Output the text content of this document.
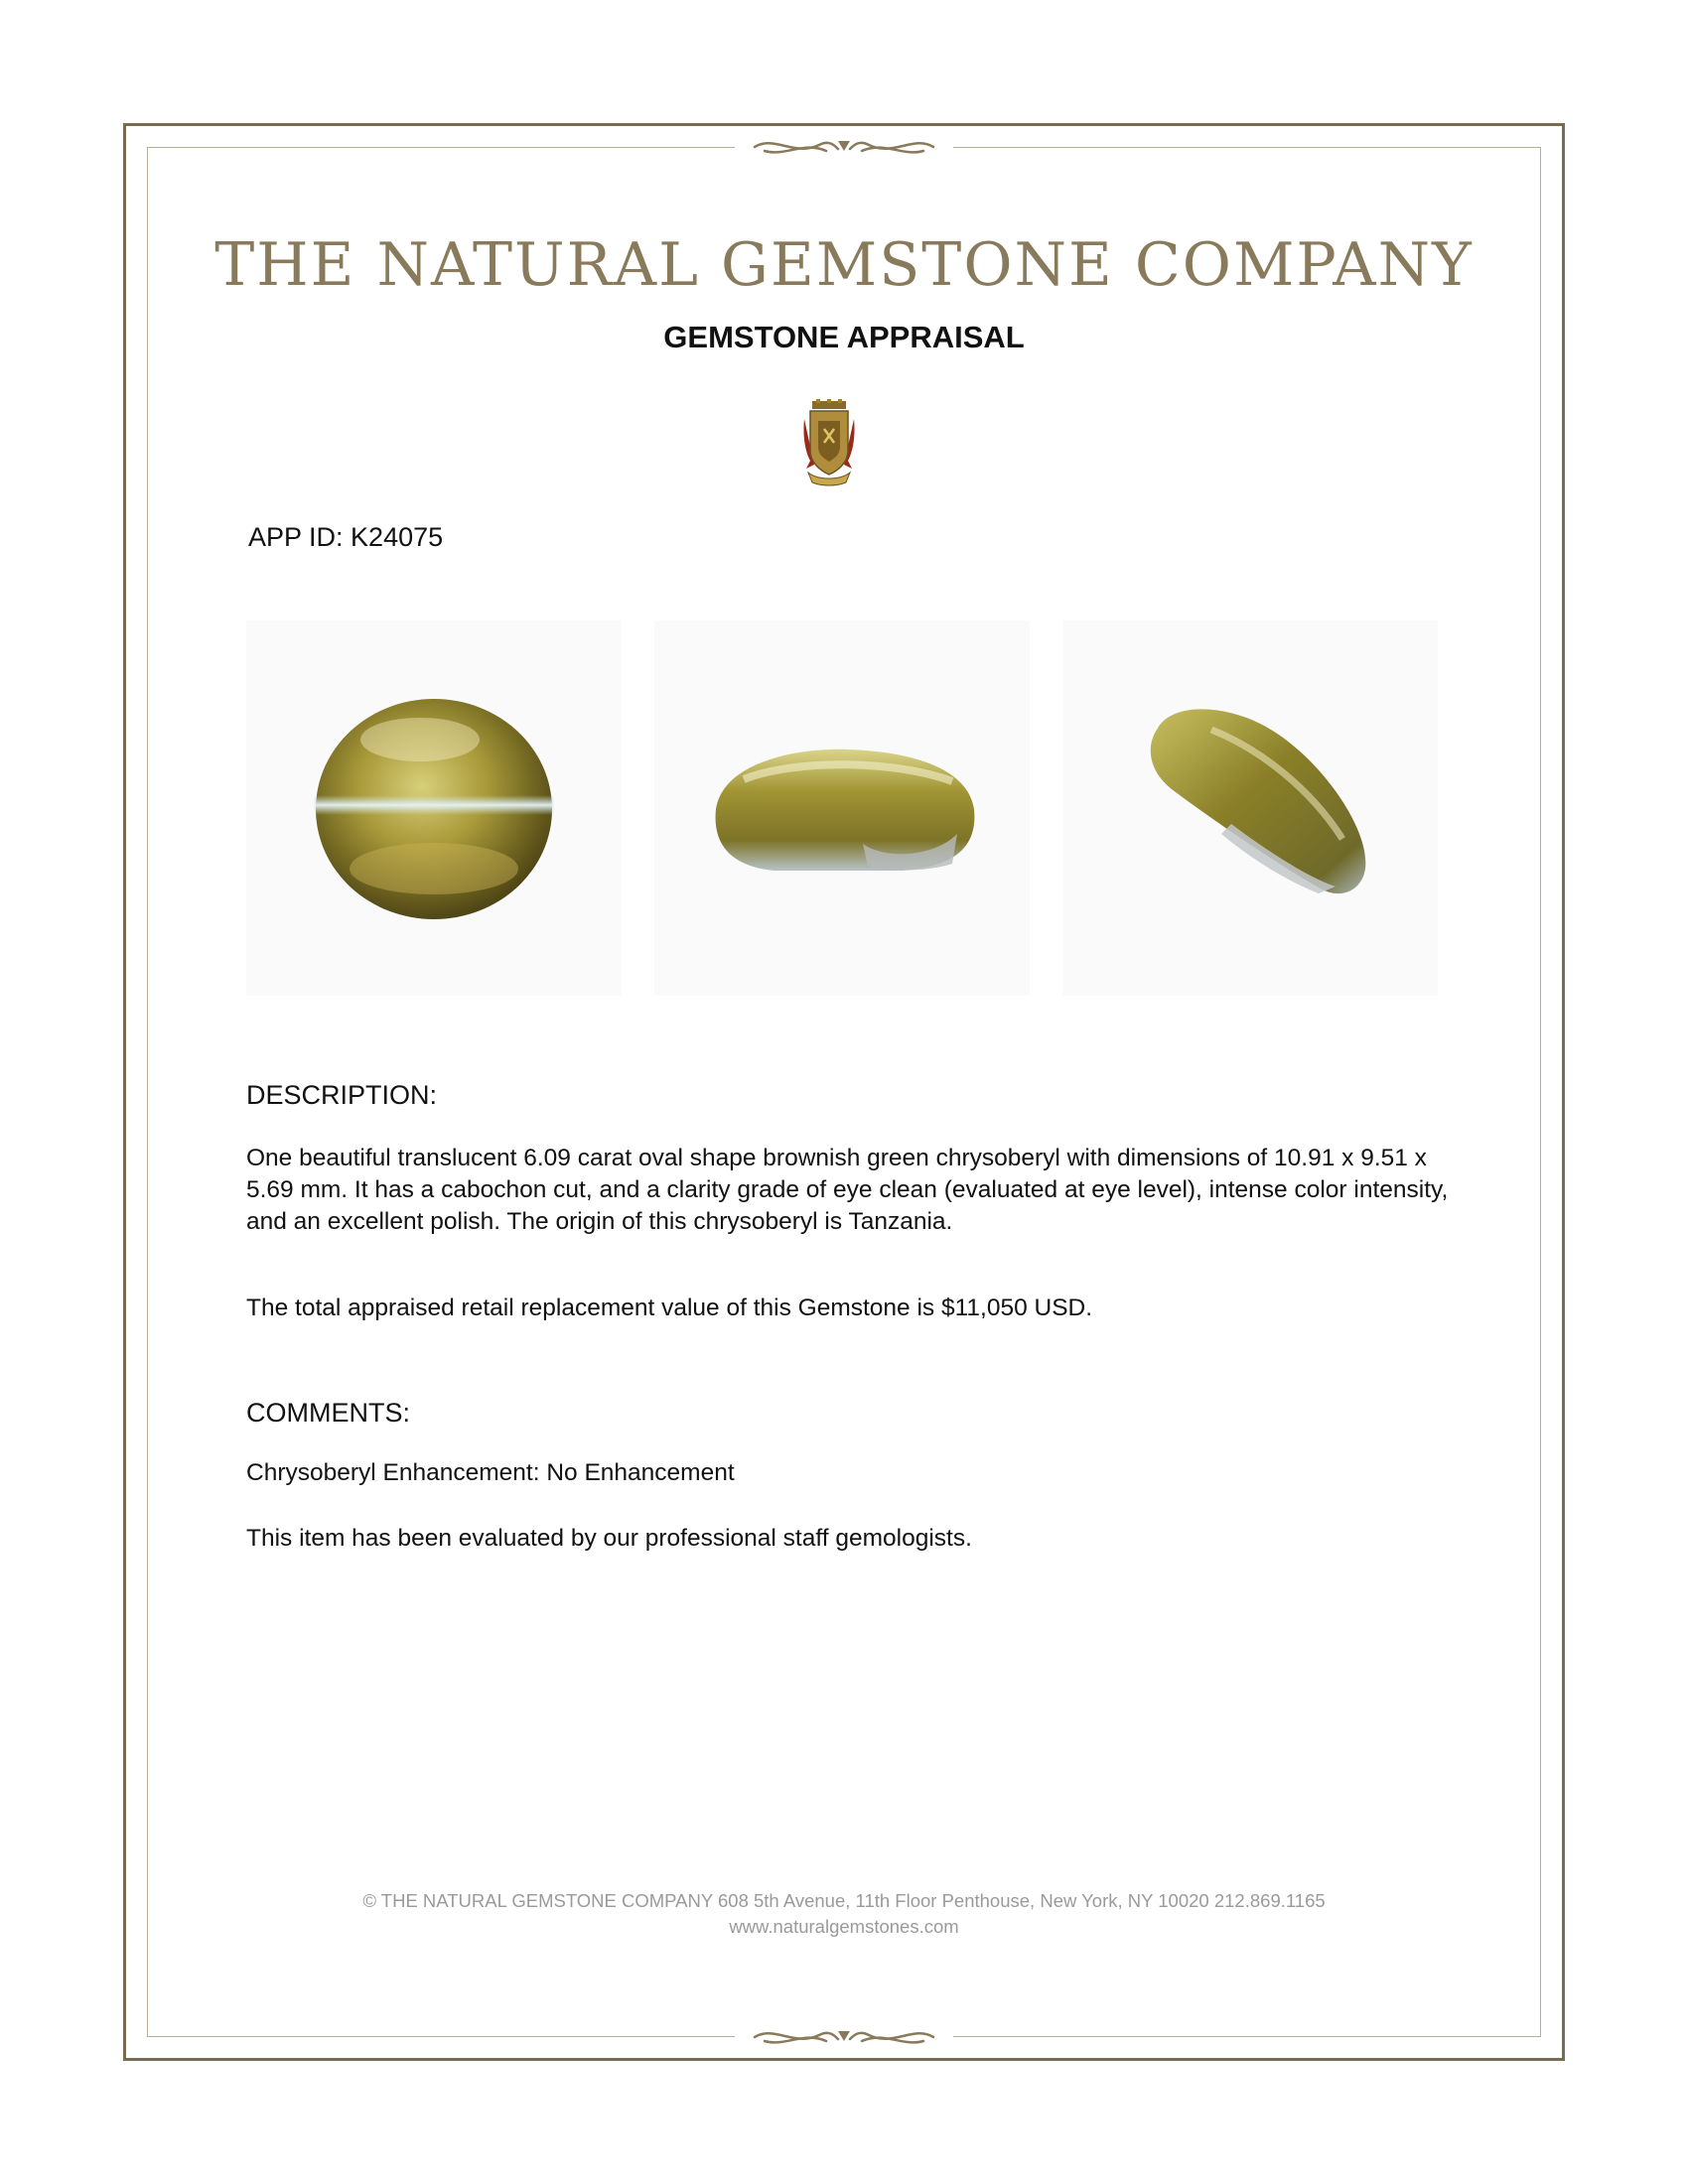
THE NATURAL GEMSTONE COMPANY
GEMSTONE APPRAISAL
APP ID: K24075
DESCRIPTION:

One beautiful translucent 6.09 carat oval shape brownish green chrysoberyl with dimensions of 10.91 x 9.51 x 5.69 mm. It has a cabochon cut, and a clarity grade of eye clean (evaluated at eye level), intense color intensity, and an excellent polish. The origin of this chrysoberyl is Tanzania.

The total appraised retail replacement value of this Gemstone is $11,050 USD.

COMMENTS:

Chrysoberyl Enhancement: No Enhancement

This item has been evaluated by our professional staff gemologists.

© THE NATURAL GEMSTONE COMPANY 608 5th Avenue, 11th Floor Penthouse, New York, NY 10020 212.869.1165

www.naturalgemstones.com
